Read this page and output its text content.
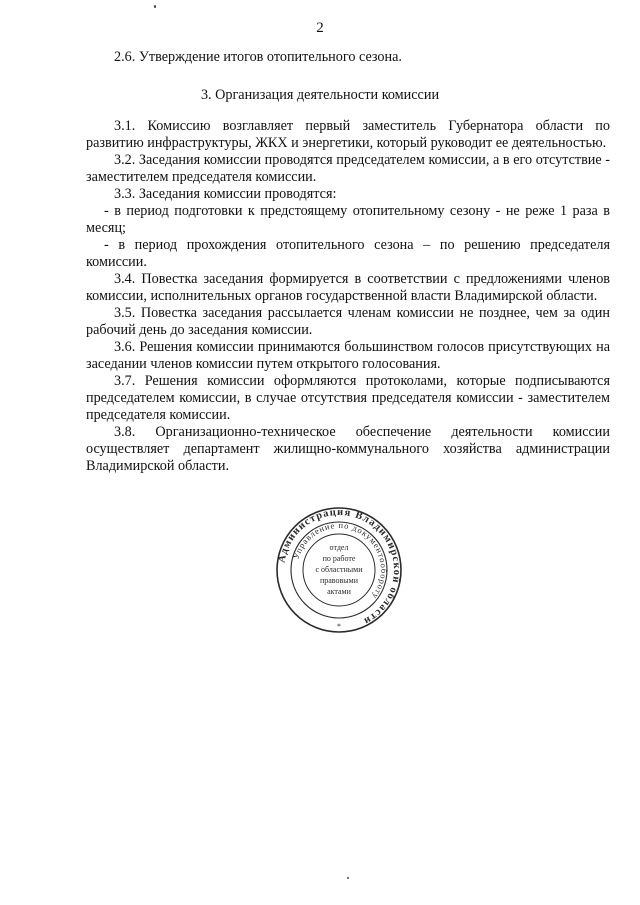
2
2.6. Утверждение итогов отопительного сезона.
3. Организация деятельности комиссии

3.1. Комиссию возглавляет первый заместитель Губернатора области по развитию инфраструктуры, ЖКХ и энергетики, который руководит ее деятельностью.

3.2. Заседания комиссии проводятся председателем комиссии, а в его отсутствие - заместителем председателя комиссии.

3.3. Заседания комиссии проводятся:

- в период подготовки к предстоящему отопительному сезону - не реже 1 раза в месяц;

- в период прохождения отопительного сезона – по решению председателя комиссии.

3.4. Повестка заседания формируется в соответствии с предложениями членов комиссии, исполнительных органов государственной власти Владимирской области.

3.5. Повестка заседания рассылается членам комиссии не позднее, чем за один рабочий день до заседания комиссии.

3.6. Решения комиссии принимаются большинством голосов присутствующих на заседании членов комиссии путем открытого голосования.

3.7. Решения комиссии оформляются протоколами, которые подписываются председателем комиссии, в случае отсутствия председателя комиссии - заместителем председателя комиссии.

3.8. Организационно-техническое обеспечение деятельности комиссии осуществляет департамент жилищно-коммунального хозяйства администрации Владимирской области.

Администрация Владимирской области
Управление по документообороту
*
отдел
по работе
с областными
правовыми
актами
